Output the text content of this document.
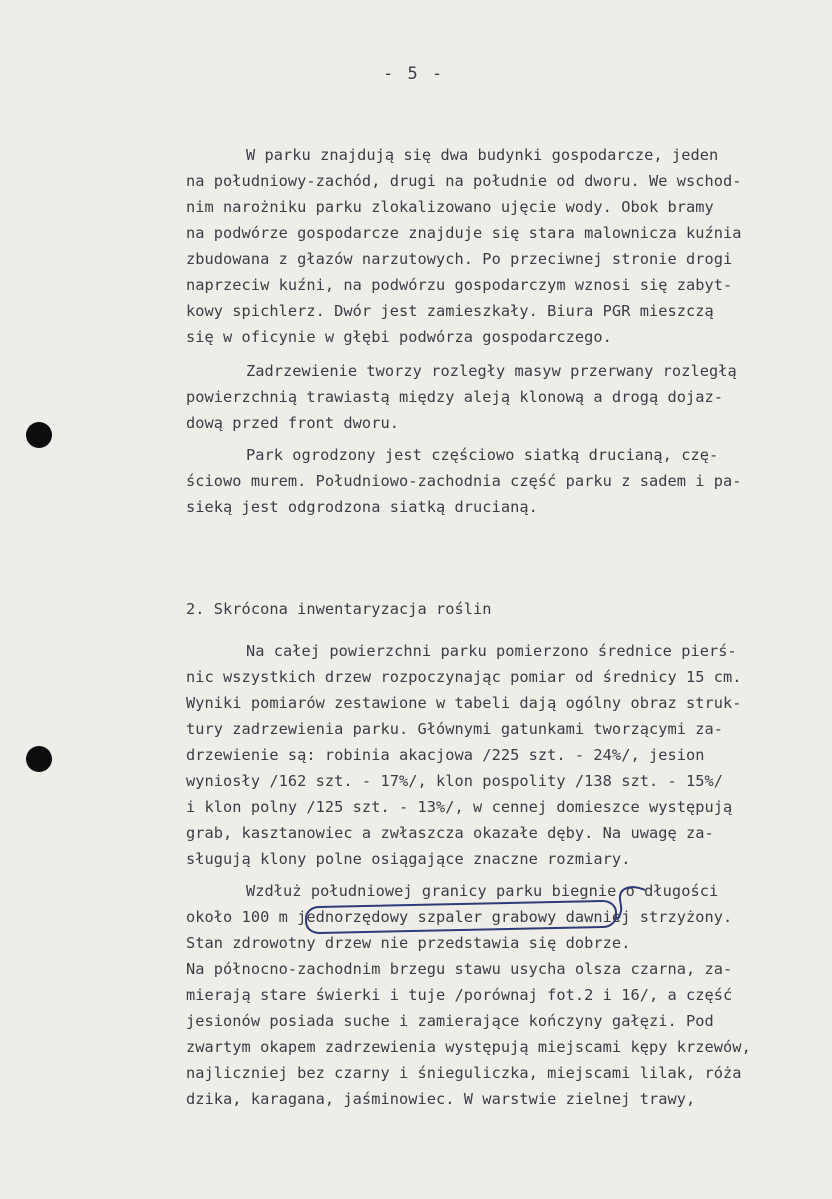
- 5 -
W parku znajdują się dwa budynki gospodarcze, jeden
na południowy-zachód, drugi na południe od dworu. We wschod-
nim narożniku parku zlokalizowano ujęcie wody. Obok bramy
na podwórze gospodarcze znajduje się stara malownicza kuźnia
zbudowana z głazów narzutowych. Po przeciwnej stronie drogi
naprzeciw kuźni, na podwórzu gospodarczym wznosi się zabyt-
kowy spichlerz. Dwór jest zamieszkały. Biura PGR mieszczą
się w oficynie w głębi podwórza gospodarczego.
Zadrzewienie tworzy rozległy masyw przerwany rozległą
powierzchnią trawiastą między aleją klonową a drogą dojaz-
dową przed front dworu.
Park ogrodzony jest częściowo siatką drucianą, czę-
ściowo murem. Południowo-zachodnia część parku z sadem i pa-
sieką jest odgrodzona siatką drucianą.
2. Skrócona inwentaryzacja roślin
Na całej powierzchni parku pomierzono średnice pierś-
nic wszystkich drzew rozpoczynając pomiar od średnicy 15 cm.
Wyniki pomiarów zestawione w tabeli dają ogólny obraz struk-
tury zadrzewienia parku. Głównymi gatunkami tworzącymi za-
drzewienie są: robinia akacjowa /225 szt. - 24%/, jesion
wyniosły /162 szt. - 17%/, klon pospolity /138 szt. - 15%/
i klon polny /125 szt. - 13%/, w cennej domieszce występują
grab, kasztanowiec a zwłaszcza okazałe dęby. Na uwagę za-
sługują klony polne osiągające znaczne rozmiary.
Wzdłuż południowej granicy parku biegnie o długości
około 100 m jednorzędowy szpaler grabowy dawniej strzyżony.
Stan zdrowotny drzew nie przedstawia się dobrze.
Na północno-zachodnim brzegu stawu usycha olsza czarna, za-
mierają stare świerki i tuje /porównaj fot.2 i 16/, a część
jesionów posiada suche i zamierające kończyny gałęzi. Pod
zwartym okapem zadrzewienia występują miejscami kępy krzewów,
najliczniej bez czarny i śnieguliczka, miejscami lilak, róża
dzika, karagana, jaśminowiec. W warstwie zielnej trawy,
